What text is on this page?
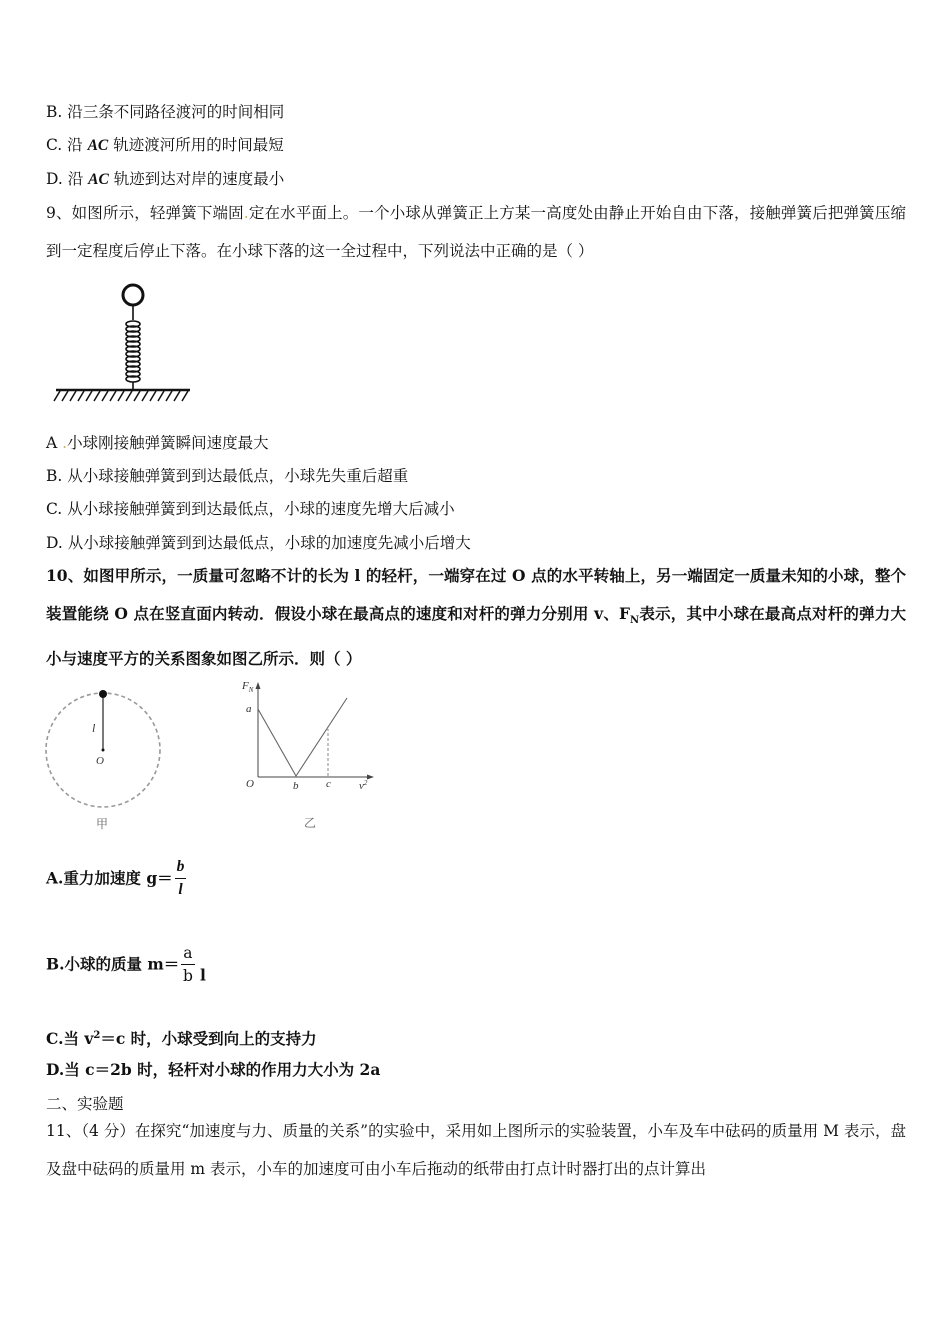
B. 沿三条不同路径渡河的时间相同
C. 沿 AC 轨迹渡河所用的时间最短
D. 沿 AC 轨迹到达对岸的速度最小
9、如图所示，轻弹簧下端固.定在水平面上。一个小球从弹簧正上方某一高度处由静止开始自由下落，接触弹簧后把弹簧压缩到一定程度后停止下落。在小球下落的这一全过程中，下列说法中正确的是（ ）
A .小球刚接触弹簧瞬间速度最大
B. 从小球接触弹簧到到达最低点，小球先失重后超重
C. 从小球接触弹簧到到达最低点，小球的速度先增大后减小
D. 从小球接触弹簧到到达最低点，小球的加速度先减小后增大
10、如图甲所示，一质量可忽略不计的长为 l 的轻杆，一端穿在过 O 点的水平转轴上，另一端固定一质量未知的小球，整个装置能绕 O 点在竖直面内转动．假设小球在最高点的速度和对杆的弹力分别用 v、$F_N$表示，其中小球在最高点对杆的弹力大小与速度平方的关系图象如图乙所示．则（ ）
l
O
甲
$F_N$
a
O	b	c	$v^2$
乙
A.重力加速度 $g= \frac{b}{l}$
B.小球的质量 $m= \frac{a}{b}$ l
C.当 $v^2=c$ 时，小球受到向上的支持力
D.当 c＝2b 时，轻杆对小球的作用力大小为 2a
二、实验题
11、（4 分）在探究“加速度与力、质量的关系”的实验中，采用如上图所示的实验装置，小车及车中砝码的质量用 M 表示，盘及盘中砝码的质量用 m 表示，小车的加速度可由小车后拖动的纸带由打点计时器打出的点计算出
